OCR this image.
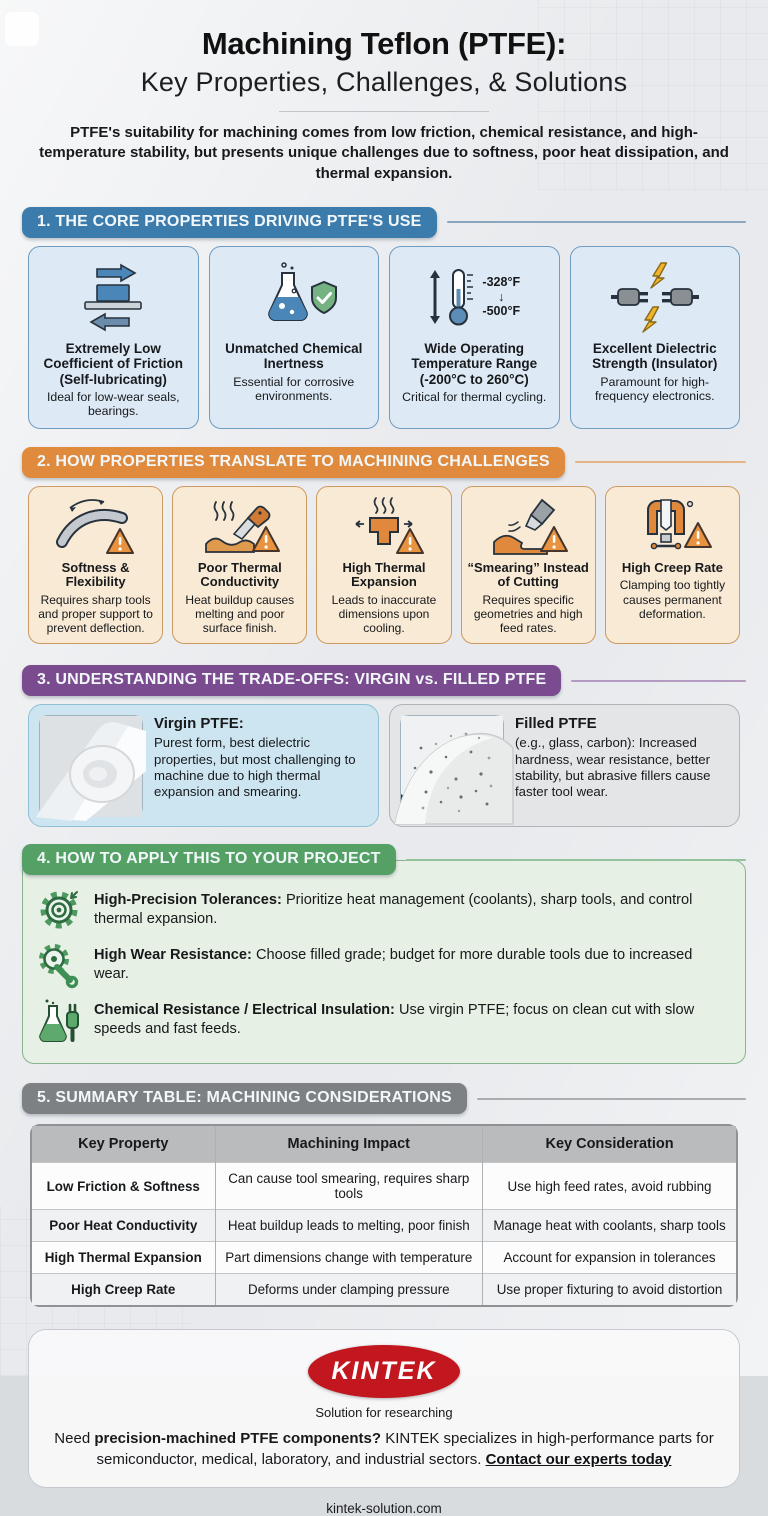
Machining Teflon (PTFE):
Key Properties, Challenges, & Solutions

PTFE's suitability for machining comes from low friction, chemical resistance, and high-temperature stability, but presents unique challenges due to softness, poor heat dissipation, and thermal expansion.

1. THE CORE PROPERTIES DRIVING PTFE'S USE
Extremely Low Coefficient of Friction (Self-lubricating)

Ideal for low-wear seals, bearings.

Unmatched Chemical Inertness

Essential for corrosive environments.

-328°F
↓
-500°F
Wide Operating Temperature Range (-200°C to 260°C)

Critical for thermal cycling.

Excellent Dielectric Strength (Insulator)

Paramount for high-frequency electronics.

2. HOW PROPERTIES TRANSLATE TO MACHINING CHALLENGES
Softness & Flexibility

Requires sharp tools and proper support to prevent deflection.

Poor Thermal Conductivity

Heat buildup causes melting and poor surface finish.

High Thermal Expansion

Leads to inaccurate dimensions upon cooling.

“Smearing” Instead of Cutting

Requires specific geometries and high feed rates.

High Creep Rate

Clamping too tightly causes permanent deformation.

3. UNDERSTANDING THE TRADE-OFFS: VIRGIN vs. FILLED PTFE
Virgin PTFE:

Purest form, best dielectric properties, but most challenging to machine due to high thermal expansion and smearing.

Filled PTFE

(e.g., glass, carbon): Increased hardness, wear resistance, better stability, but abrasive fillers cause faster tool wear.

4. HOW TO APPLY THIS TO YOUR PROJECT

High-Precision Tolerances: Prioritize heat management (coolants), sharp tools, and control thermal expansion.

High Wear Resistance: Choose filled grade; budget for more durable tools due to increased wear.

Chemical Resistance / Electrical Insulation: Use virgin PTFE; focus on clean cut with slow speeds and fast feeds.

5. SUMMARY TABLE: MACHINING CONSIDERATIONS
Key Property	Machining Impact	Key Consideration
Low Friction & Softness	Can cause tool smearing, requires sharp tools	Use high feed rates, avoid rubbing
Poor Heat Conductivity	Heat buildup leads to melting, poor finish	Manage heat with coolants, sharp tools
High Thermal Expansion	Part dimensions change with temperature	Account for expansion in tolerances
High Creep Rate	Deforms under clamping pressure	Use proper fixturing to avoid distortion
KINTEK

Solution for researching

Need precision-machined PTFE components? KINTEK specializes in high-performance parts for semiconductor, medical, laboratory, and industrial sectors. Contact our experts today

kintek-solution.com
